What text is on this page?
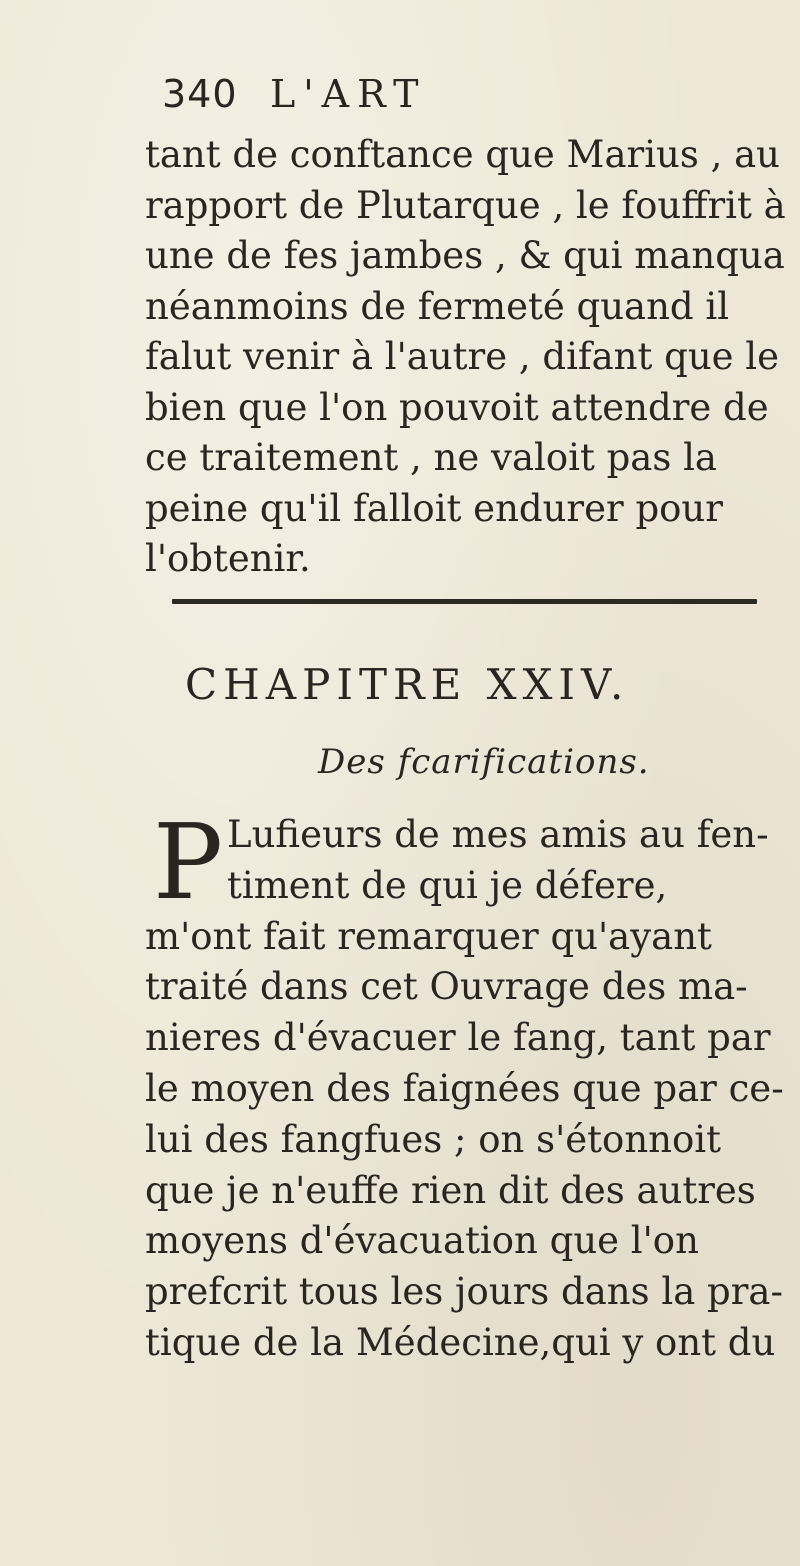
340 L'ART
tant de conftance que Marius , au
rapport de Plutarque , le fouffrit à
une de fes jambes , & qui manqua
néanmoins de fermeté quand il
falut venir à l'autre , difant que le
bien que l'on pouvoit attendre de
ce traitement , ne valoit pas la
peine qu'il falloit endurer pour
l'obtenir.
CHAPITRE XXIV.
Des fcarifications.
P Lufieurs de mes amis au fen-
timent de qui je défere,
m'ont fait remarquer qu'ayant
traité dans cet Ouvrage des ma-
nieres d'évacuer le fang, tant par
le moyen des faignées que par ce-
lui des fangfues ; on s'étonnoit
que je n'euffe rien dit des autres
moyens d'évacuation que l'on
prefcrit tous les jours dans la pra-
tique de la Médecine,qui y ont du
